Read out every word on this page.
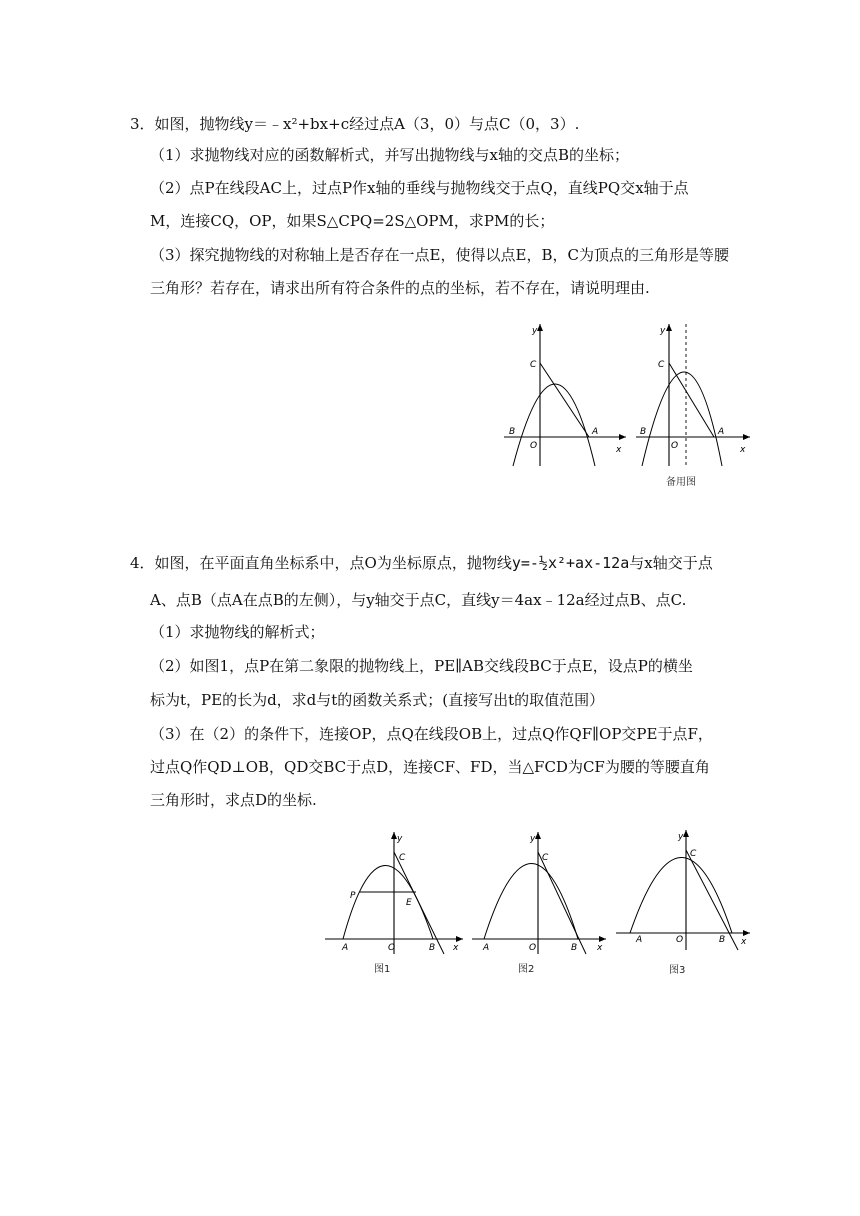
3．如图，抛物线y＝﹣x²+bx+c经过点A（3，0）与点C（0，3）.
（1）求抛物线对应的函数解析式，并写出抛物线与x轴的交点B的坐标；
（2）点P在线段AC上，过点P作x轴的垂线与抛物线交于点Q，直线PQ交x轴于点
M，连接CQ，OP，如果S△CPQ=2S△OPM，求PM的长；
（3）探究抛物线的对称轴上是否存在一点E，使得以点E，B，C为顶点的三角形是等腰
三角形？若存在，请求出所有符合条件的点的坐标，若不存在，请说明理由.
y
x
C
B
O
A
y
x
C
B
O
A
备用图
4．如图，在平面直角坐标系中，点O为坐标原点，抛物线y=-½x²+ax-12a与x轴交于点
A、点B（点A在点B的左侧），与y轴交于点C，直线y＝4ax﹣12a经过点B、点C.
（1）求抛物线的解析式；
（2）如图1，点P在第二象限的抛物线上，PE∥AB交线段BC于点E，设点P的横坐
标为t，PE的长为d，求d与t的函数关系式；(直接写出t的取值范围）
（3）在（2）的条件下，连接OP，点Q在线段OB上，过点Q作QF∥OP交PE于点F，
过点Q作QD⊥OB，QD交BC于点D，连接CF、FD，当△FCD为CF为腰的等腰直角
三角形时，求点D的坐标.
y
x
C
P
E
A	O	B
图1
y
x
C
A	O	B
图2
y
x
C
A	O	B
图3
